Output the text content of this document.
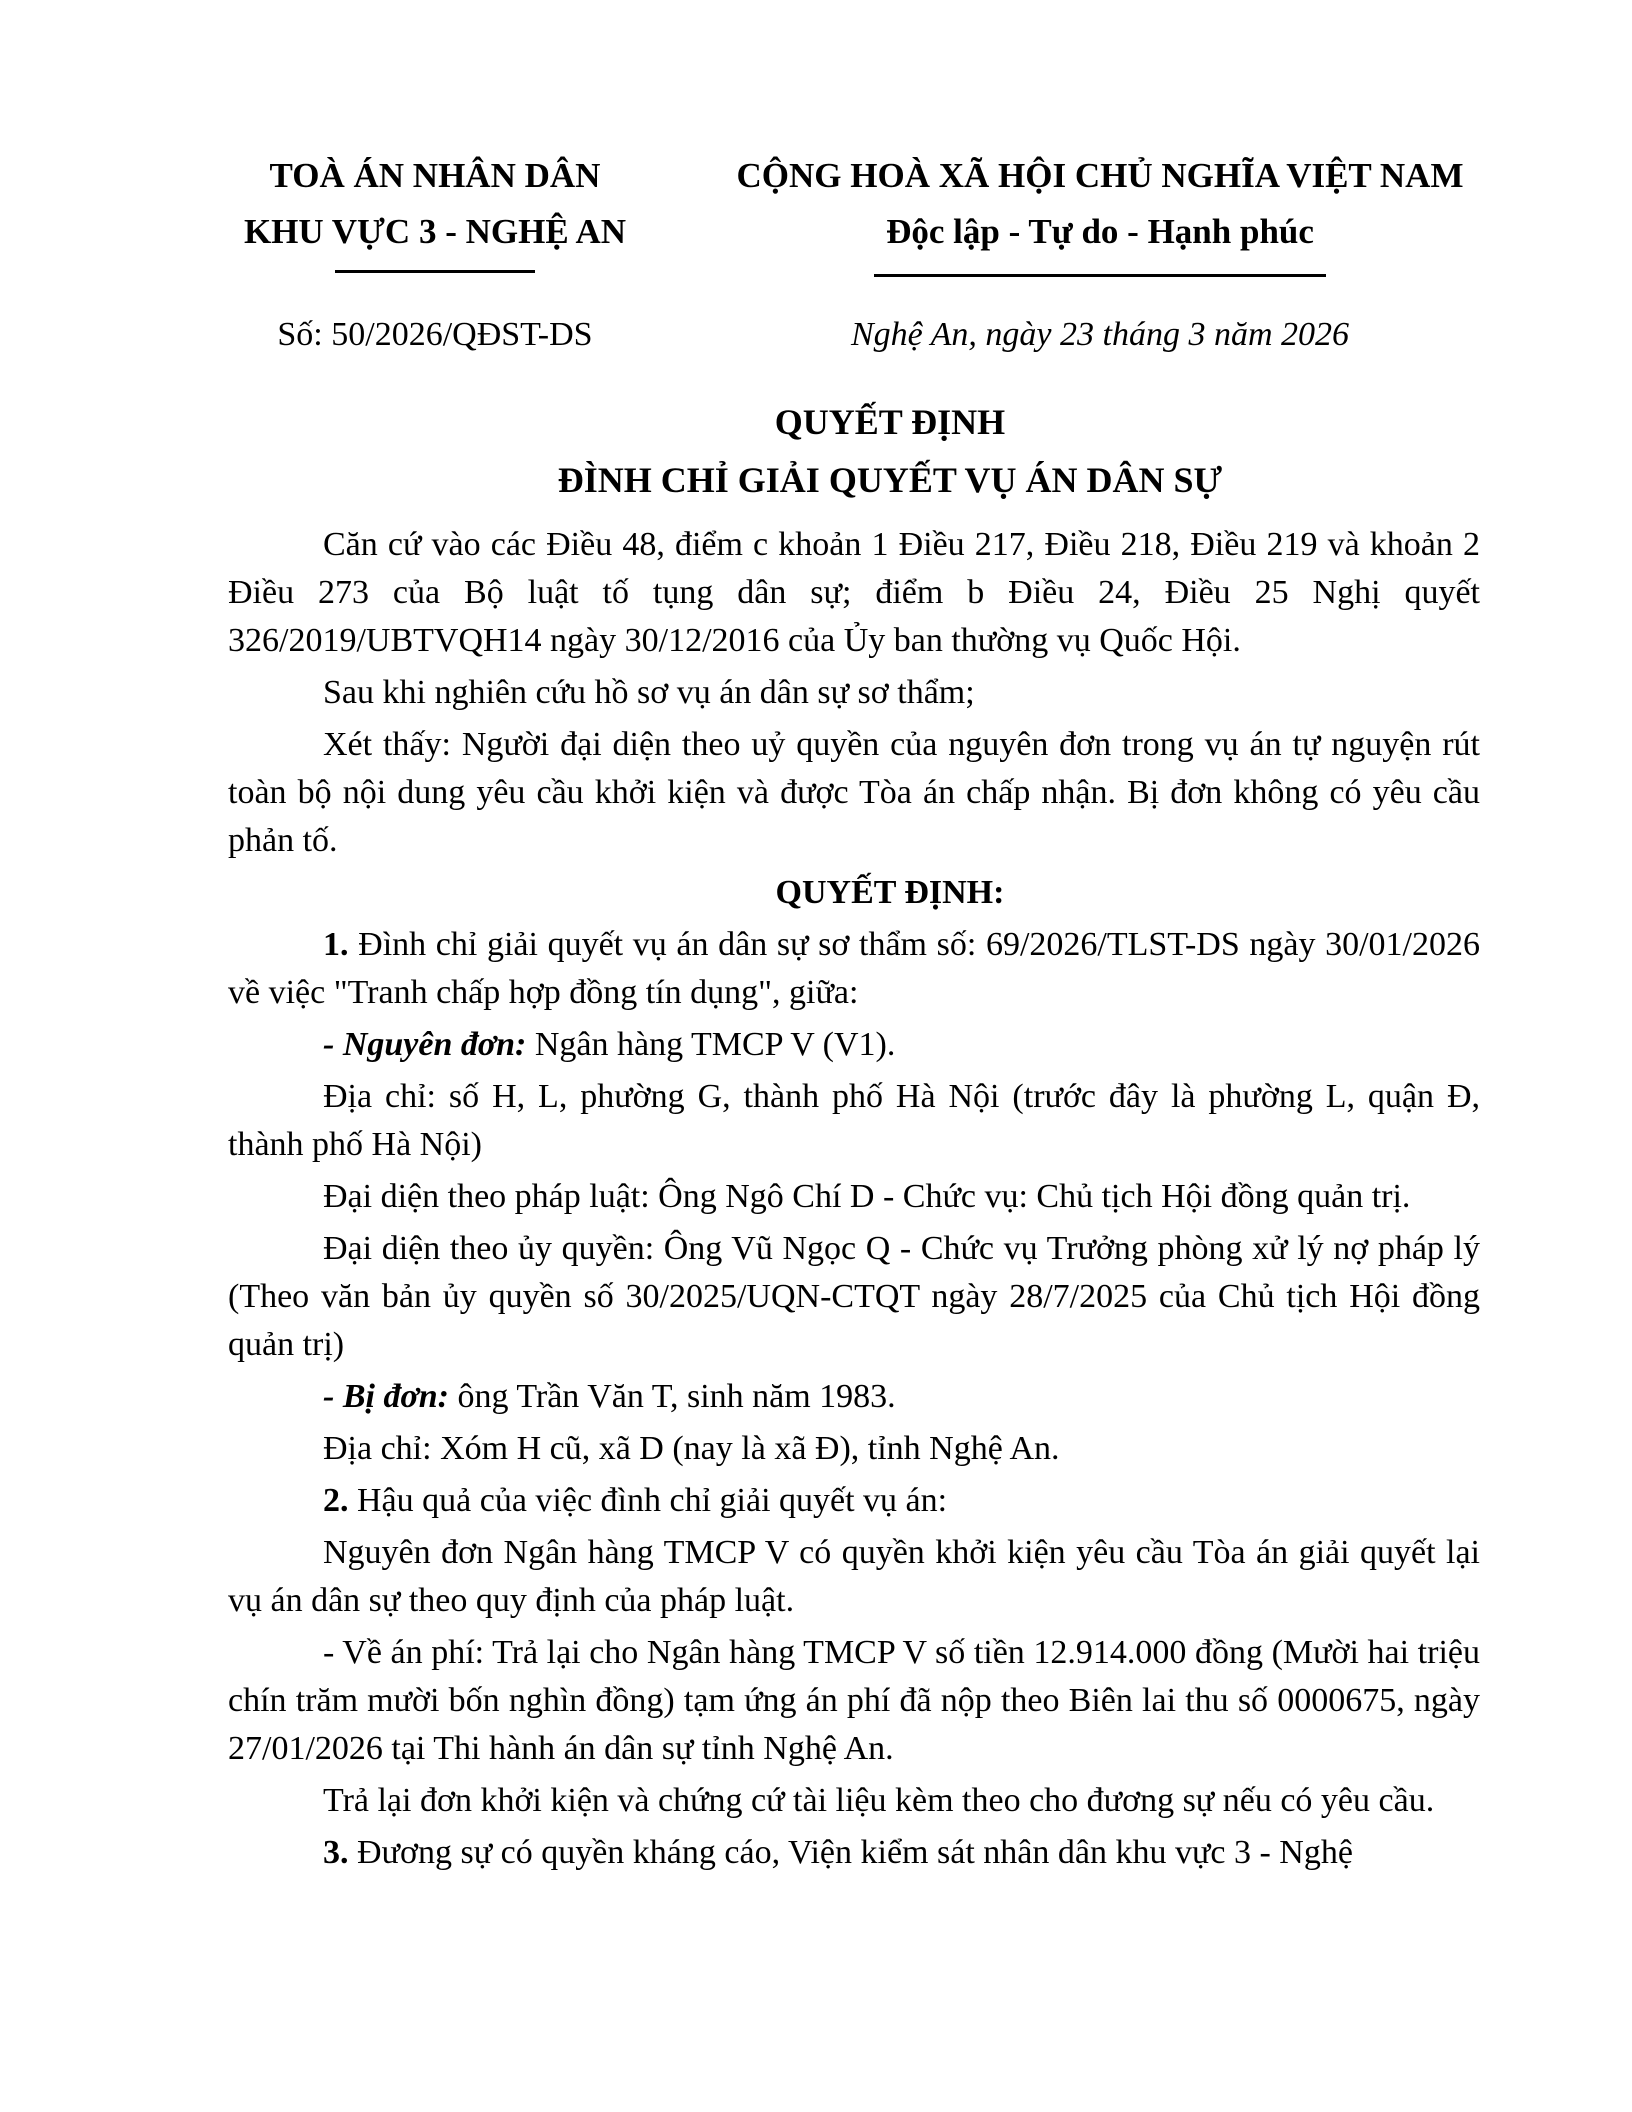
TOÀ ÁN NHÂN DÂN
KHU VỰC 3 - NGHỆ AN
Số: 50/2026/QĐST-DS
CỘNG HOÀ XÃ HỘI CHỦ NGHĨA VIỆT NAM
Độc lập - Tự do - Hạnh phúc
Nghệ An, ngày 23 tháng 3 năm 2026
QUYẾT ĐỊNH
ĐÌNH CHỈ GIẢI QUYẾT VỤ ÁN DÂN SỰ

Căn cứ vào các Điều 48, điểm c khoản 1 Điều 217, Điều 218, Điều 219 và khoản 2 Điều 273 của Bộ luật tố tụng dân sự; điểm b Điều 24, Điều 25 Nghị quyết 326/2019/UBTVQH14 ngày 30/12/2016 của Ủy ban thường vụ Quốc Hội.

Sau khi nghiên cứu hồ sơ vụ án dân sự sơ thẩm;

Xét thấy: Người đại diện theo uỷ quyền của nguyên đơn trong vụ án tự nguyện rút toàn bộ nội dung yêu cầu khởi kiện và được Tòa án chấp nhận. Bị đơn không có yêu cầu phản tố.

QUYẾT ĐỊNH:

1. Đình chỉ giải quyết vụ án dân sự sơ thẩm số: 69/2026/TLST-DS ngày 30/01/2026 về việc "Tranh chấp hợp đồng tín dụng", giữa:

- Nguyên đơn: Ngân hàng TMCP V (V1).

Địa chỉ: số H, L, phường G, thành phố Hà Nội (trước đây là phường L, quận Đ, thành phố Hà Nội)

Đại diện theo pháp luật: Ông Ngô Chí D - Chức vụ: Chủ tịch Hội đồng quản trị.

Đại diện theo ủy quyền: Ông Vũ Ngọc Q - Chức vụ Trưởng phòng xử lý nợ pháp lý (Theo văn bản ủy quyền số 30/2025/UQN-CTQT ngày 28/7/2025 của Chủ tịch Hội đồng quản trị)

- Bị đơn: ông Trần Văn T, sinh năm 1983.

Địa chỉ: Xóm H cũ, xã D (nay là xã Đ), tỉnh Nghệ An.

2. Hậu quả của việc đình chỉ giải quyết vụ án:

Nguyên đơn Ngân hàng TMCP V có quyền khởi kiện yêu cầu Tòa án giải quyết lại vụ án dân sự theo quy định của pháp luật.

- Về án phí: Trả lại cho Ngân hàng TMCP V số tiền 12.914.000 đồng (Mười hai triệu chín trăm mười bốn nghìn đồng) tạm ứng án phí đã nộp theo Biên lai thu số 0000675, ngày 27/01/2026 tại Thi hành án dân sự tỉnh Nghệ An.

Trả lại đơn khởi kiện và chứng cứ tài liệu kèm theo cho đương sự nếu có yêu cầu.

3. Đương sự có quyền kháng cáo, Viện kiểm sát nhân dân khu vực 3 - Nghệ
